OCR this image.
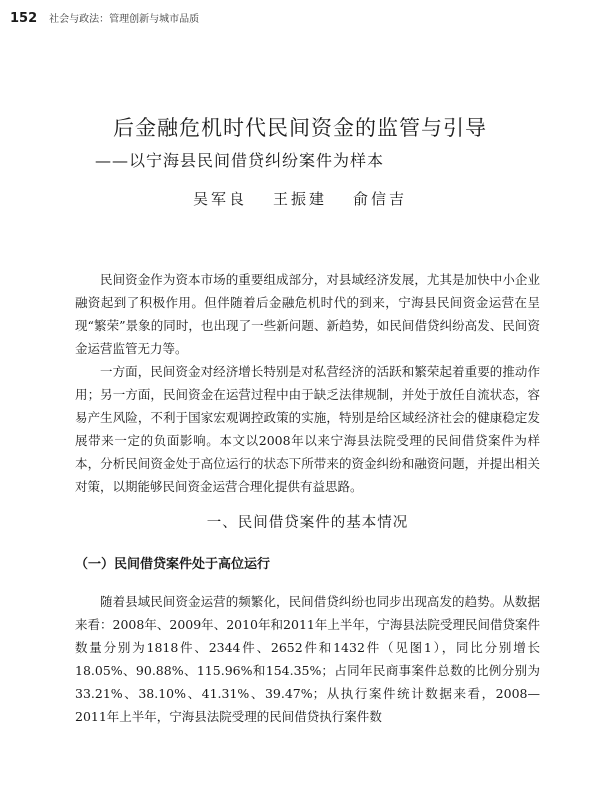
152 社会与政法：管理创新与城市品质
后金融危机时代民间资金的监管与引导
——以宁海县民间借贷纠纷案件为样本
吴军良 王振建 俞信吉

民间资金作为资本市场的重要组成部分，对县域经济发展，尤其是加快中小企业融资起到了积极作用。但伴随着后金融危机时代的到来，宁海县民间资金运营在呈现“繁荣”景象的同时，也出现了一些新问题、新趋势，如民间借贷纠纷高发、民间资金运营监管无力等。

一方面，民间资金对经济增长特别是对私营经济的活跃和繁荣起着重要的推动作用；另一方面，民间资金在运营过程中由于缺乏法律规制，并处于放任自流状态，容易产生风险，不利于国家宏观调控政策的实施，特别是给区域经济社会的健康稳定发展带来一定的负面影响。本文以2008年以来宁海县法院受理的民间借贷案件为样本，分析民间资金处于高位运行的状态下所带来的资金纠纷和融资问题，并提出相关对策，以期能够民间资金运营合理化提供有益思路。

一、民间借贷案件的基本情况
（一）民间借贷案件处于高位运行

随着县域民间资金运营的频繁化，民间借贷纠纷也同步出现高发的趋势。从数据来看：2008年、2009年、2010年和2011年上半年，宁海县法院受理民间借贷案件数量分别为1818件、2344件、2652件和1432件（见图1），同比分别增长18.05%、90.88%、115.96%和154.35%；占同年民商事案件总数的比例分别为33.21%、38.10%、41.31%、39.47%；从执行案件统计数据来看，2008—2011年上半年，宁海县法院受理的民间借贷执行案件数
